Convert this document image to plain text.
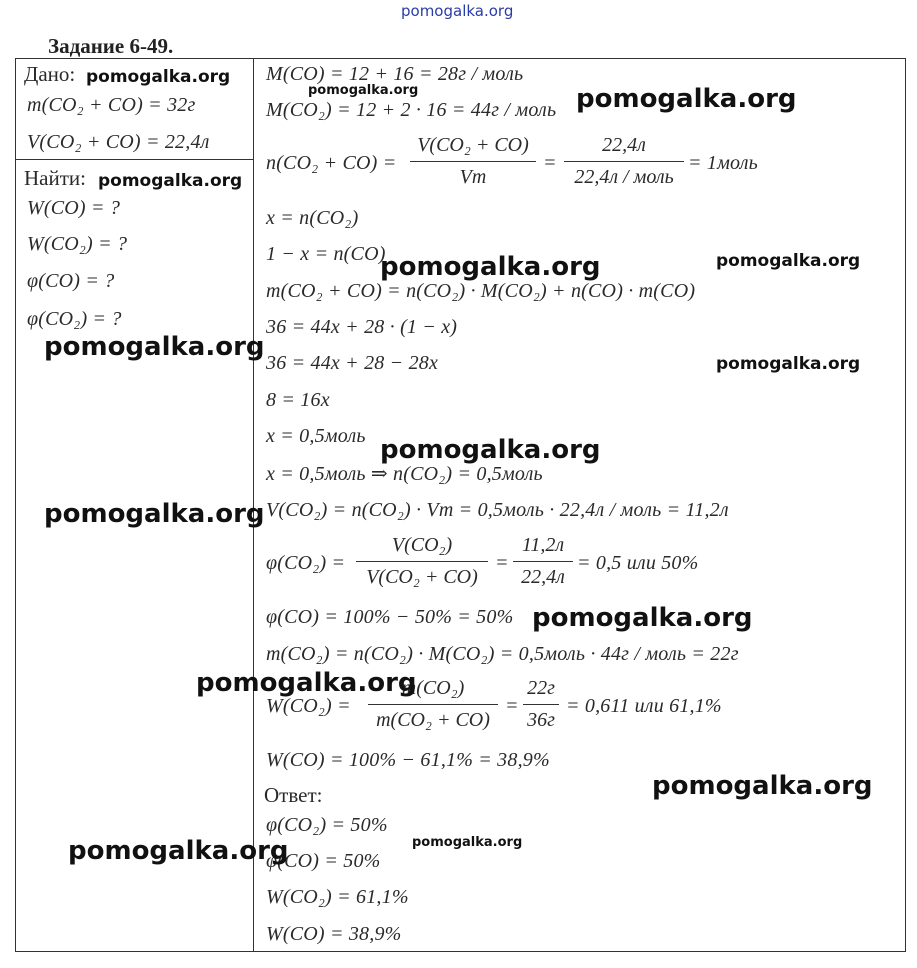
pomogalka.org
Задание 6-49.
Дано:
m(CO₂ + CO) = 32г
V(CO₂ + CO) = 22,4л
Найти:
W(CO) = ?
W(CO₂) = ?
φ(CO) = ?
φ(CO₂) = ?
M(CO) = 12 + 16 = 28г / моль
M(CO₂) = 12 + 2 · 16 = 44г / моль
n(CO₂ + CO) =
V(CO₂ + CO)
Vm
=
22,4л
22,4л / моль
= 1моль
x = n(CO₂)
1 − x = n(CO)
m(CO₂ + CO) = n(CO₂) · M(CO₂) + n(CO) · m(CO)
36 = 44x + 28 · (1 − x)
36 = 44x + 28 − 28x
8 = 16x
x = 0,5моль
x = 0,5моль ⇒ n(CO₂) = 0,5моль
V(CO₂) = n(CO₂) · Vm = 0,5моль · 22,4л / моль = 11,2л
φ(CO₂) =
V(CO₂)
V(CO₂ + CO)
=
11,2л
22,4л
= 0,5 или 50%
φ(CO) = 100% − 50% = 50%
m(CO₂) = n(CO₂) · M(CO₂) = 0,5моль · 44г / моль = 22г
W(CO₂) =
m(CO₂)
m(CO₂ + CO)
=
22г
36г
= 0,611 или 61,1%
W(CO) = 100% − 61,1% = 38,9%
Ответ:
φ(CO₂) = 50%
φ(CO) = 50%
W(CO₂) = 61,1%
W(CO) = 38,9%
pomogalka.org
pomogalka.org	pomogalka.org
pomogalka.org
pomogalka.org	pomogalka.org
pomogalka.org
pomogalka.org
pomogalka.org
pomogalka.org
pomogalka.org
pomogalka.org
pomogalka.org
pomogalka.org	pomogalka.org
